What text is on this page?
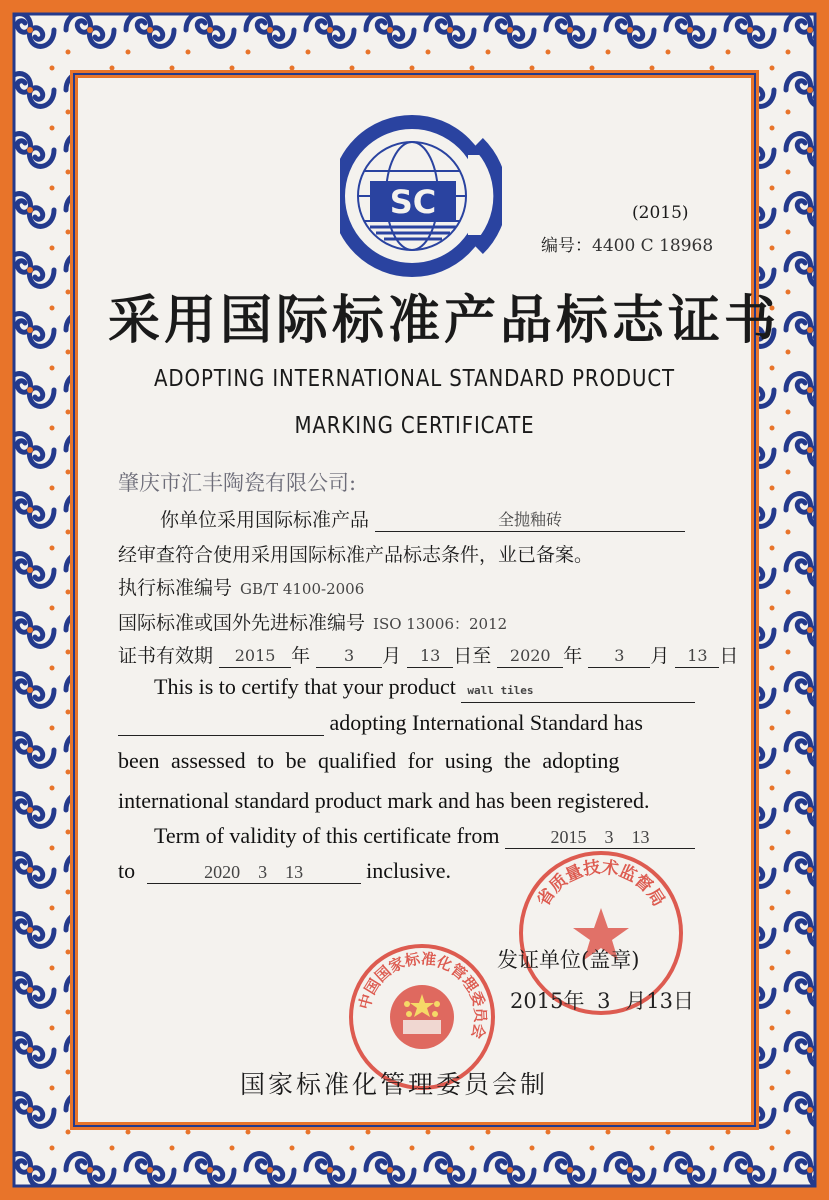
SC	(2015)
编号：4400 C 18968
采用国际标准产品标志证书
ADOPTING INTERNATIONAL STANDARD PRODUCT
MARKING CERTIFICATE
肇庆市汇丰陶瓷有限公司:
你单位采用国际标准产品	全抛釉砖
经审查符合使用采用国际标准产品标志条件，业已备案。
执行标准编号 GB/T 4100-2006
国际标准或国外先进标准编号 ISO 13006：2012
证书有效期 2015 年 3 月 13 日至 2020 年 3 月 13 日
This is to certify that your product wall tiles
adopting International Standard has
been assessed to be qualified for using the adopting
international standard product mark and has been registered.
Term of validity of this certificate from	2015    3    13
to	2020    3    13	inclusive.
省质量技术监督局
发证单位(盖章)
2015年 3 月13日
中国国家标准化管理委员会
国家标准化管理委员会制
